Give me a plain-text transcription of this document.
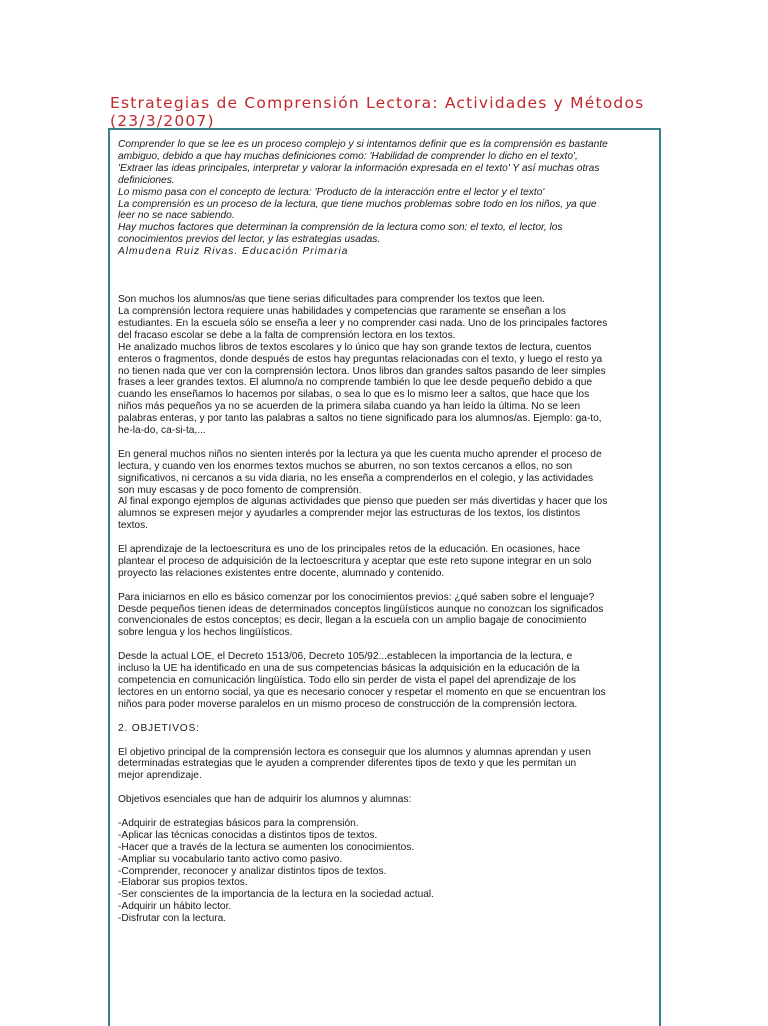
Estrategias de Comprensión Lectora: Actividades y Métodos
(23/3/2007)

Comprender lo que se lee es un proceso complejo y si intentamos definir que es la comprensión es bastante

ambiguo, debido a que hay muchas definiciones como: 'Habilidad de comprender lo dicho en el texto',

'Extraer las ideas principales, interpretar y valorar la información expresada en el texto' Y así muchas otras

definiciones.

Lo mismo pasa con el concepto de lectura: 'Producto de la interacción entre el lector y el texto'

La comprensión es un proceso de la lectura, que tiene muchos problemas sobre todo en los niños, ya que

leer no se nace sabiendo.

Hay muchos factores que determinan la comprensión de la lectura como son: el texto, el lector, los

conocimientos previos del lector, y las estrategias usadas.

Almudena Ruiz Rivas. Educación Primaria

Son muchos los alumnos/as que tiene serias dificultades para comprender los textos que leen.

La comprensión lectora requiere unas habilidades y competencias que raramente se enseñan a los

estudiantes. En la escuela sólo se enseña a leer y no comprender casi nada. Uno de los principales factores

del fracaso escolar se debe a la falta de comprensión lectora en los textos.

He analizado muchos libros de textos escolares y lo único que hay son grande textos de lectura, cuentos

enteros o fragmentos, donde después de estos hay preguntas relacionadas con el texto, y luego el resto ya

no tienen nada que ver con la comprensión lectora. Unos libros dan grandes saltos pasando de leer simples

frases a leer grandes textos. El alumno/a no comprende también lo que lee desde pequeño debido a que

cuando les enseñamos lo hacemos por silabas, o sea lo que es lo mismo leer a saltos, que hace que los

niños más pequeños ya no se acuerden de la primera silaba cuando ya han leído la última. No se leen

palabras enteras, y por tanto las palabras a saltos no tiene significado para los alumnos/as. Ejemplo: ga-to,

he-la-do, ca-si-ta,...

En general muchos niños no sienten interés por la lectura ya que les cuenta mucho aprender el proceso de

lectura, y cuando ven los enormes textos muchos se aburren, no son textos cercanos a ellos, no son

significativos, ni cercanos a su vida diaria, no les enseña a comprenderlos en el colegio, y las actividades

son muy escasas y de poco fomento de comprensión.

Al final expongo ejemplos de algunas actividades que pienso que pueden ser más divertidas y hacer que los

alumnos se expresen mejor y ayudarles a comprender mejor las estructuras de los textos, los distintos

textos.

El aprendizaje de la lectoescritura es uno de los principales retos de la educación. En ocasiones, hace

plantear el proceso de adquisición de la lectoescritura y aceptar que este reto supone integrar en un solo

proyecto las relaciones existentes entre docente, alumnado y contenido.

Para iniciarnos en ello es básico comenzar por los conocimientos previos: ¿qué saben sobre el lenguaje?

Desde pequeños tienen ideas de determinados conceptos lingüísticos aunque no conozcan los significados

convencionales de estos conceptos; es decir, llegan a la escuela con un amplio bagaje de conocimiento

sobre lengua y los hechos lingüísticos.

Desde la actual LOE, el Decreto 1513/06, Decreto 105/92...establecen la importancia de la lectura, e

incluso la UE ha identificado en una de sus competencias básicas la adquisición en la educación de la

competencia en comunicación lingüística. Todo ello sin perder de vista el papel del aprendizaje de los

lectores en un entorno social, ya que es necesario conocer y respetar el momento en que se encuentran los

niños para poder moverse paralelos en un mismo proceso de construcción de la comprensión lectora.

2. OBJETIVOS:

El objetivo principal de la comprensión lectora es conseguir que los alumnos y alumnas aprendan y usen

determinadas estrategias que le ayuden a comprender diferentes tipos de texto y que les permitan un

mejor aprendizaje.

Objetivos esenciales que han de adquirir los alumnos y alumnas:

-Adquirir de estrategias básicos para la comprensión.
-Aplicar las técnicas conocidas a distintos tipos de textos.
-Hacer que a través de la lectura se aumenten los conocimientos.
-Ampliar su vocabulario tanto activo como pasivo.
-Comprender, reconocer y analizar distintos tipos de textos.
-Elaborar sus propios textos.
-Ser conscientes de la importancia de la lectura en la sociedad actual.
-Adquirir un hábito lector.
-Disfrutar con la lectura.
